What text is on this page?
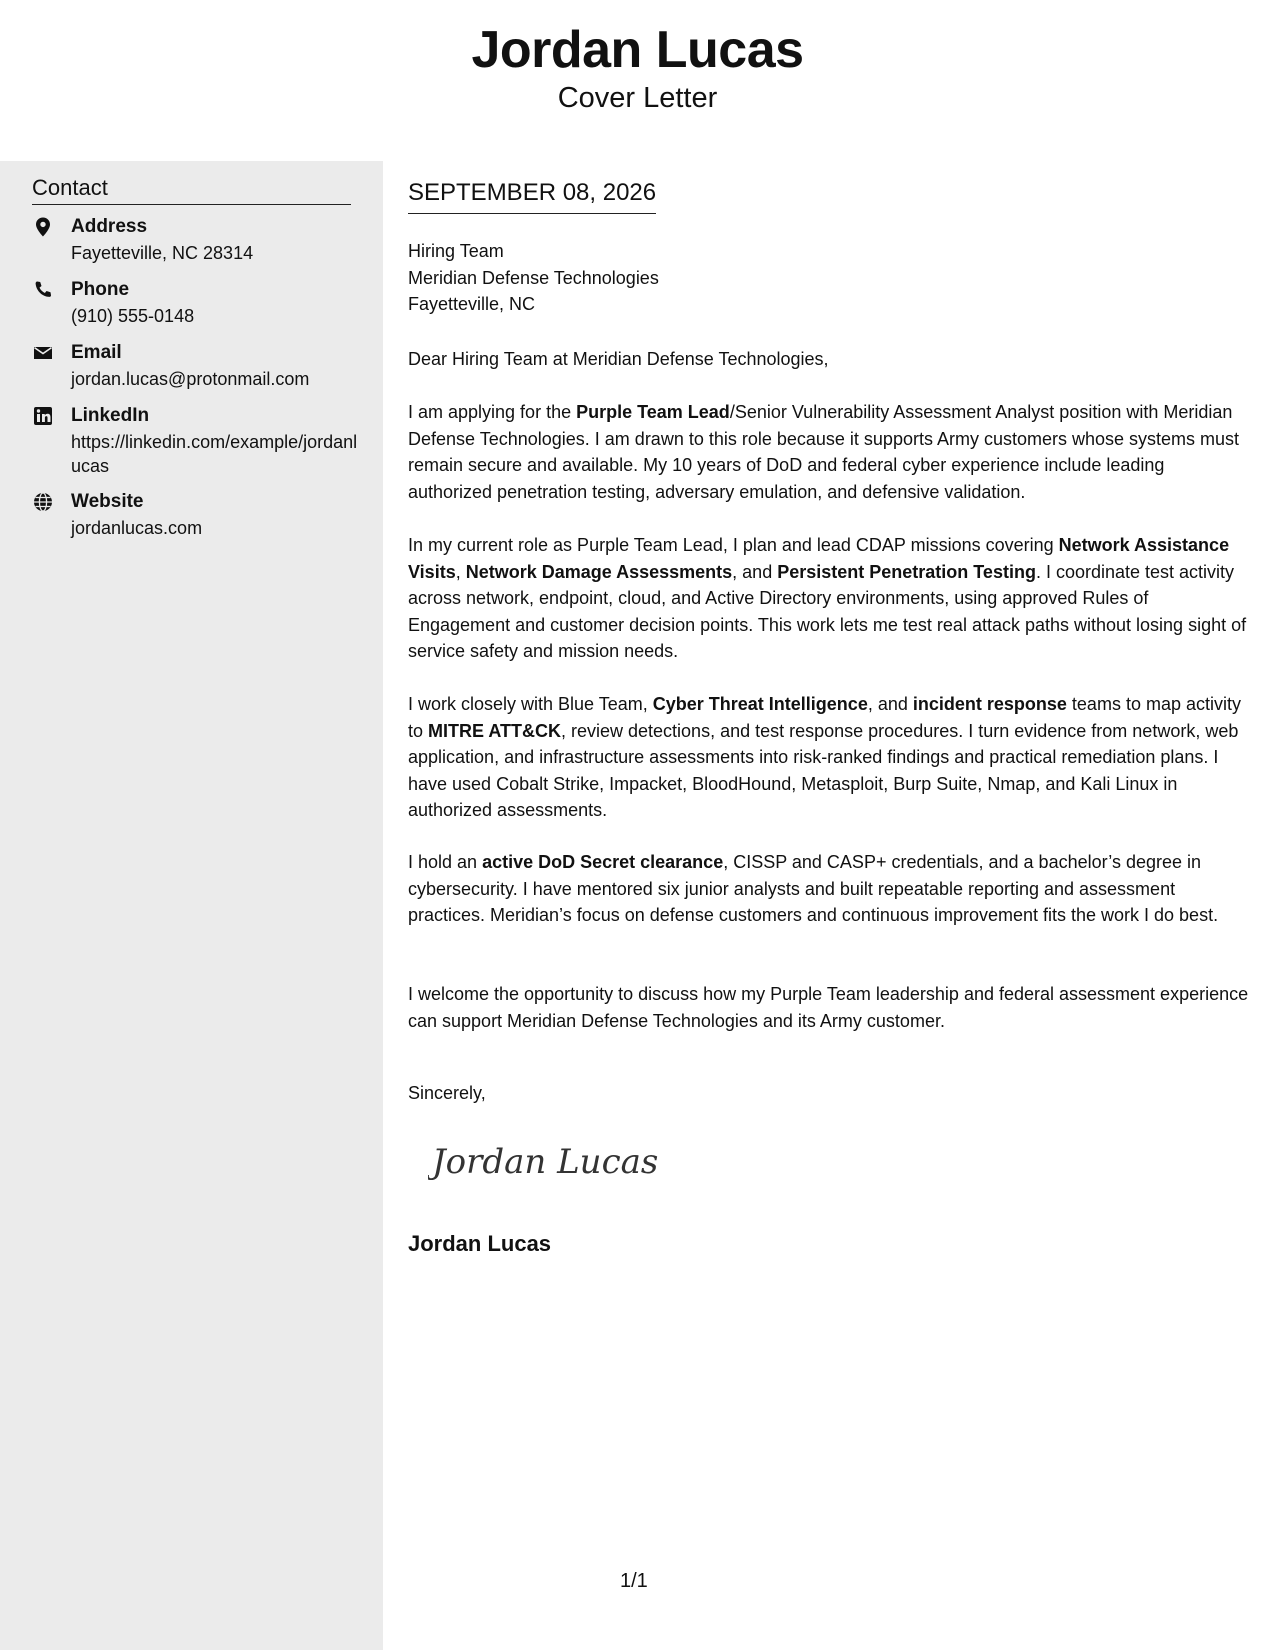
Jordan Lucas
Cover Letter
Contact
Address
Fayetteville, NC 28314
Phone
(910) 555-0148
Email
jordan.lucas@protonmail.com
LinkedIn
https://linkedin.com/example/jordanlucas
Website
jordanlucas.com
SEPTEMBER 08, 2026
Hiring Team
Meridian Defense Technologies
Fayetteville, NC
Dear Hiring Team at Meridian Defense Technologies,
I am applying for the Purple Team Lead/Senior Vulnerability Assessment Analyst position with Meridian Defense Technologies. I am drawn to this role because it supports Army customers whose systems must remain secure and available. My 10 years of DoD and federal cyber experience include leading authorized penetration testing, adversary emulation, and defensive validation.
In my current role as Purple Team Lead, I plan and lead CDAP missions covering Network Assistance Visits, Network Damage Assessments, and Persistent Penetration Testing. I coordinate test activity across network, endpoint, cloud, and Active Directory environments, using approved Rules of Engagement and customer decision points. This work lets me test real attack paths without losing sight of service safety and mission needs.
I work closely with Blue Team, Cyber Threat Intelligence, and incident response teams to map activity to MITRE ATT&CK, review detections, and test response procedures. I turn evidence from network, web application, and infrastructure assessments into risk-ranked findings and practical remediation plans. I have used Cobalt Strike, Impacket, BloodHound, Metasploit, Burp Suite, Nmap, and Kali Linux in authorized assessments.
I hold an active DoD Secret clearance, CISSP and CASP+ credentials, and a bachelor’s degree in cybersecurity. I have mentored six junior analysts and built repeatable reporting and assessment practices. Meridian’s focus on defense customers and continuous improvement fits the work I do best.
I welcome the opportunity to discuss how my Purple Team leadership and federal assessment experience can support Meridian Defense Technologies and its Army customer.
Sincerely,
Jordan Lucas
Jordan Lucas
1/1
